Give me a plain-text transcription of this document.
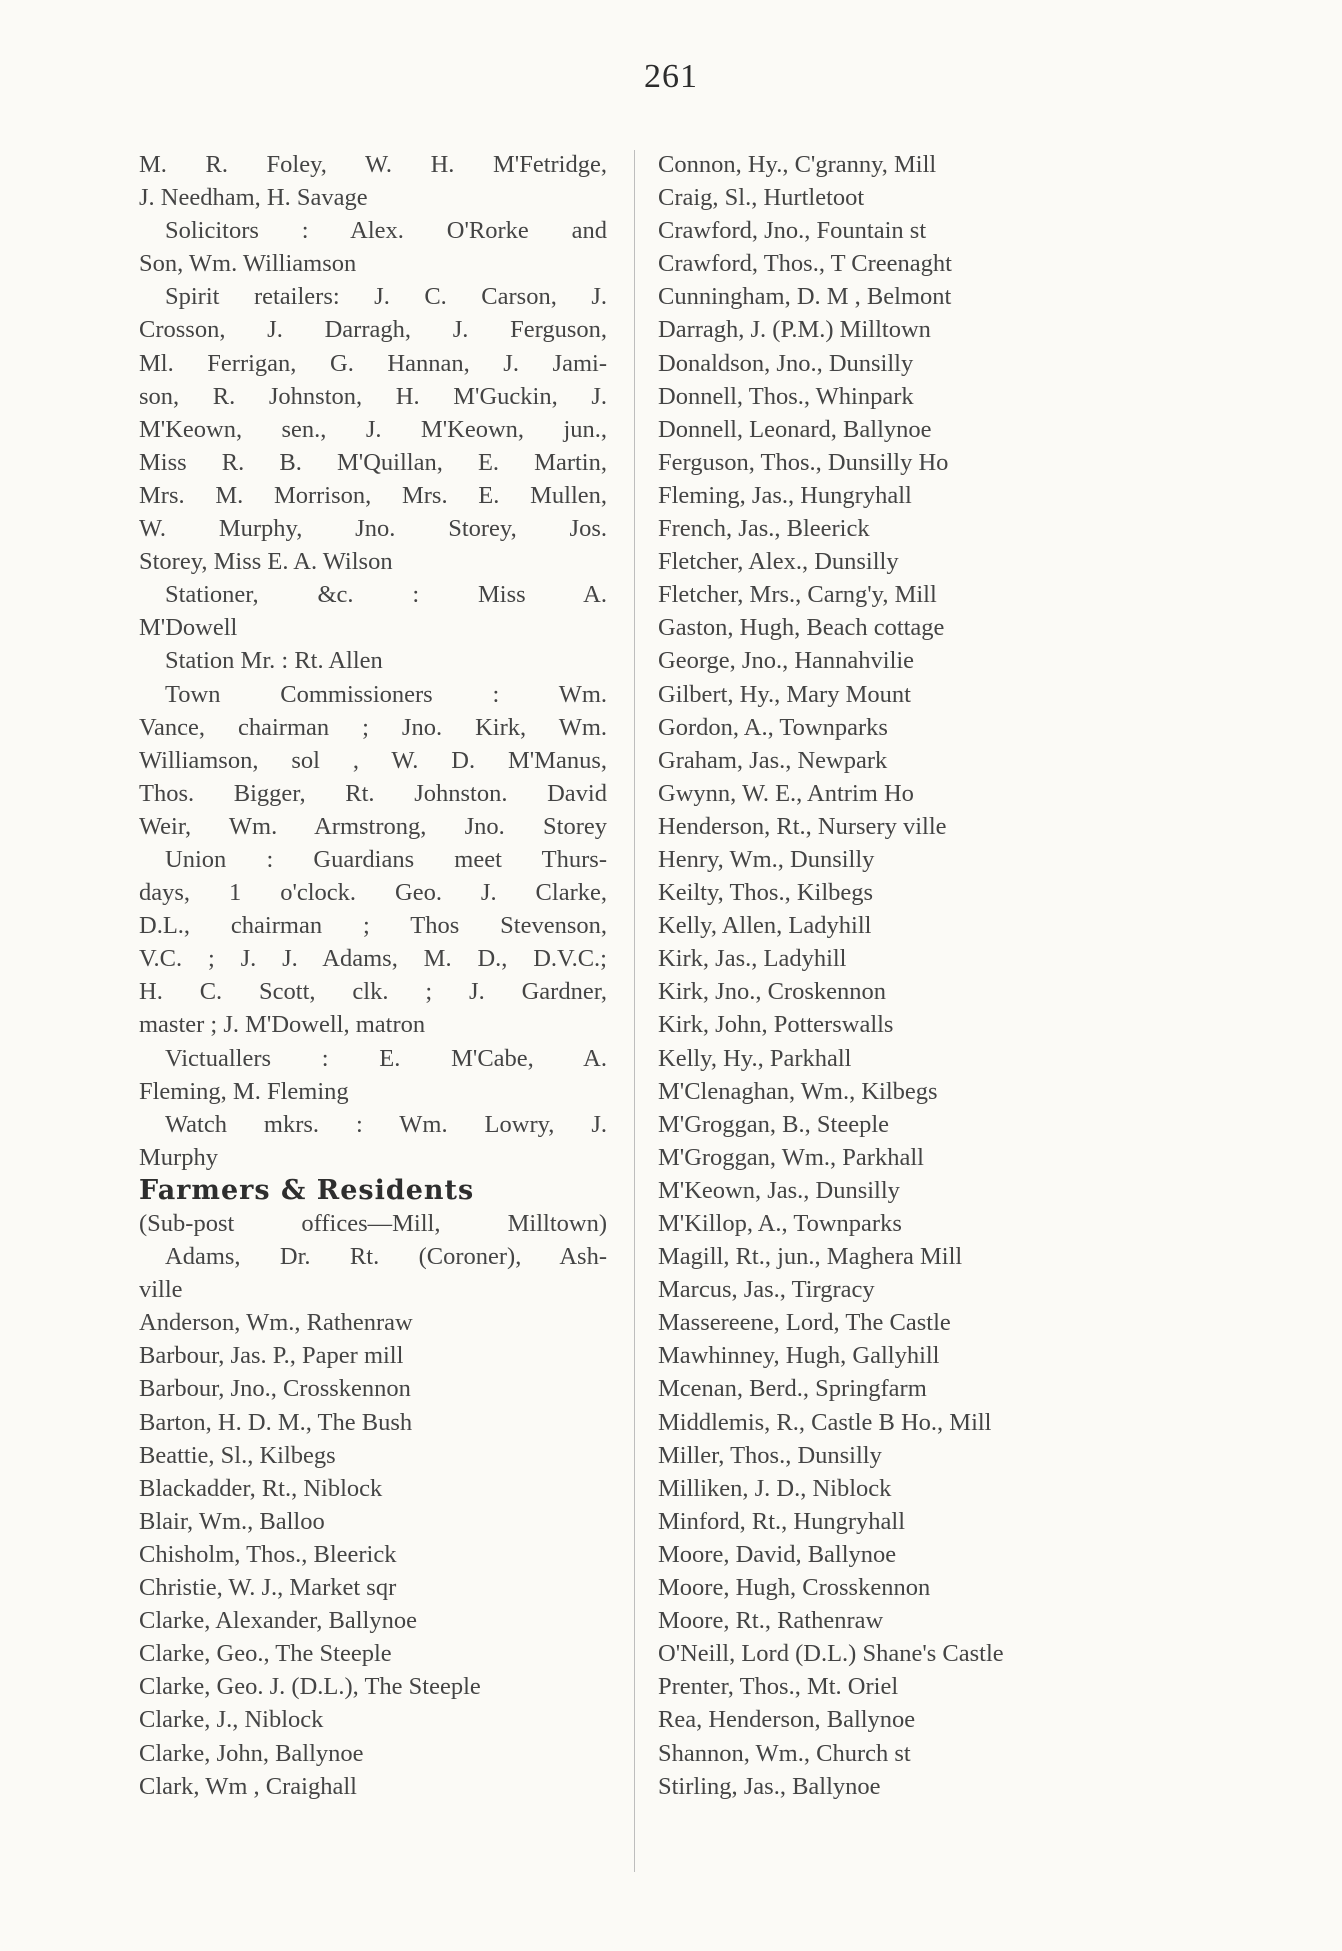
261
M. R. Foley, W. H. M'Fetridge,
J. Needham, H. Savage
Solicitors : Alex. O'Rorke and
Son, Wm. Williamson
Spirit retailers: J. C. Carson, J.
Crosson, J. Darragh, J. Ferguson,
Ml. Ferrigan, G. Hannan, J. Jami-
son, R. Johnston, H. M'Guckin, J.
M'Keown, sen., J. M'Keown, jun.,
Miss R. B. M'Quillan, E. Martin,
Mrs. M. Morrison, Mrs. E. Mullen,
W. Murphy, Jno. Storey, Jos.
Storey, Miss E. A. Wilson
Stationer, &c. : Miss A.
M'Dowell
Station Mr. : Rt. Allen
Town Commissioners : Wm.
Vance, chairman ; Jno. Kirk, Wm.
Williamson, sol , W. D. M'Manus,
Thos. Bigger, Rt. Johnston. David
Weir, Wm. Armstrong, Jno. Storey
Union : Guardians meet Thurs-
days, 1 o'clock. Geo. J. Clarke,
D.L., chairman ; Thos Stevenson,
V.C. ; J. J. Adams, M. D., D.V.C.;
H. C. Scott, clk. ; J. Gardner,
master ; J. M'Dowell, matron
Victuallers : E. M'Cabe, A.
Fleming, M. Fleming
Watch mkrs. : Wm. Lowry, J.
Murphy
Farmers & Residents
(Sub-post offices—Mill, Milltown)
Adams, Dr. Rt. (Coroner), Ash-
ville
Anderson, Wm., Rathenraw
Barbour, Jas. P., Paper mill
Barbour, Jno., Crosskennon
Barton, H. D. M., The Bush
Beattie, Sl., Kilbegs
Blackadder, Rt., Niblock
Blair, Wm., Balloo
Chisholm, Thos., Bleerick
Christie, W. J., Market sqr
Clarke, Alexander, Ballynoe
Clarke, Geo., The Steeple
Clarke, Geo. J. (D.L.), The Steeple
Clarke, J., Niblock
Clarke, John, Ballynoe
Clark, Wm , Craighall
Connon, Hy., C'granny, Mill
Craig, Sl., Hurtletoot
Crawford, Jno., Fountain st
Crawford, Thos., T Creenaght
Cunningham, D. M , Belmont
Darragh, J. (P.M.) Milltown
Donaldson, Jno., Dunsilly
Donnell, Thos., Whinpark
Donnell, Leonard, Ballynoe
Ferguson, Thos., Dunsilly Ho
Fleming, Jas., Hungryhall
French, Jas., Bleerick
Fletcher, Alex., Dunsilly
Fletcher, Mrs., Carng'y, Mill
Gaston, Hugh, Beach cottage
George, Jno., Hannahvilie
Gilbert, Hy., Mary Mount
Gordon, A., Townparks
Graham, Jas., Newpark
Gwynn, W. E., Antrim Ho
Henderson, Rt., Nursery ville
Henry, Wm., Dunsilly
Keilty, Thos., Kilbegs
Kelly, Allen, Ladyhill
Kirk, Jas., Ladyhill
Kirk, Jno., Croskennon
Kirk, John, Potterswalls
Kelly, Hy., Parkhall
M'Clenaghan, Wm., Kilbegs
M'Groggan, B., Steeple
M'Groggan, Wm., Parkhall
M'Keown, Jas., Dunsilly
M'Killop, A., Townparks
Magill, Rt., jun., Maghera Mill
Marcus, Jas., Tirgracy
Massereene, Lord, The Castle
Mawhinney, Hugh, Gallyhill
Mcenan, Berd., Springfarm
Middlemis, R., Castle B Ho., Mill
Miller, Thos., Dunsilly
Milliken, J. D., Niblock
Minford, Rt., Hungryhall
Moore, David, Ballynoe
Moore, Hugh, Crosskennon
Moore, Rt., Rathenraw
O'Neill, Lord (D.L.) Shane's Castle
Prenter, Thos., Mt. Oriel
Rea, Henderson, Ballynoe
Shannon, Wm., Church st
Stirling, Jas., Ballynoe
